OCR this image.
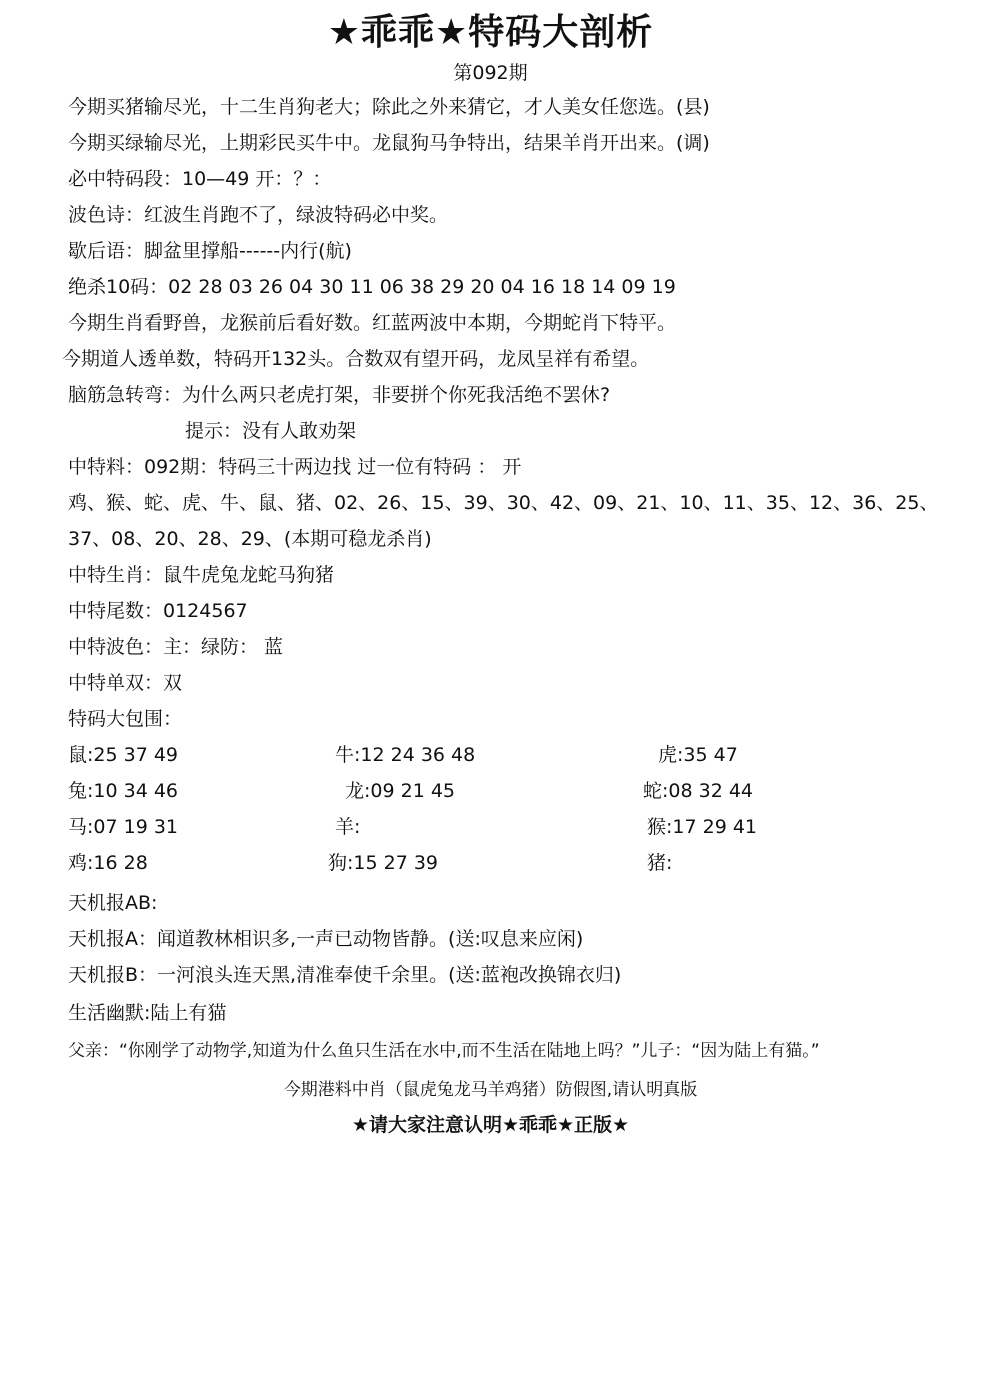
★乖乖★特码大剖析
第092期
今期买猪输尽光，十二生肖狗老大；除此之外来猜它，才人美女任您选。(县)
今期买绿输尽光，上期彩民买牛中。龙鼠狗马争特出，结果羊肖开出来。(调)
必中特码段：10—49 开：？：
波色诗：红波生肖跑不了，绿波特码必中奖。
歇后语：脚盆里撑船------内行(航)
绝杀10码：02 28 03 26 04 30 11 06 38 29 20 04 16 18 14 09 19
今期生肖看野兽，龙猴前后看好数。红蓝两波中本期，今期蛇肖下特平。
今期道人透单数，特码开132头。合数双有望开码，龙凤呈祥有希望。
脑筋急转弯：为什么两只老虎打架，非要拼个你死我活绝不罢休?
提示：没有人敢劝架
中特料：092期：特码三十两边找 过一位有特码 ： 开
鸡、猴、蛇、虎、牛、鼠、猪、02、26、15、39、30、42、09、21、10、11、35、12、36、25、
37、08、20、28、29、(本期可稳龙杀肖)
中特生肖：鼠牛虎兔龙蛇马狗猪
中特尾数：0124567
中特波色：主：绿防： 蓝
中特单双：双
特码大包围：
鼠:25 37 49	牛:12 24 36 48	虎:35 47
兔:10 34 46	龙:09 21 45	蛇:08 32 44
马:07 19 31	羊:	猴:17 29 41
鸡:16 28	狗:15 27 39	猪:
天机报AB:
天机报A：闻道教林相识多,一声已动物皆静。(送:叹息来应闲)
天机报B：一河浪头连天黑,清准奉使千余里。(送:蓝袍改换锦衣归)
生活幽默:陆上有猫
父亲：“你刚学了动物学,知道为什么鱼只生活在水中,而不生活在陆地上吗？”儿子：“因为陆上有猫。”
今期港料中肖（鼠虎兔龙马羊鸡猪）防假图,请认明真版
★请大家注意认明★乖乖★正版★
